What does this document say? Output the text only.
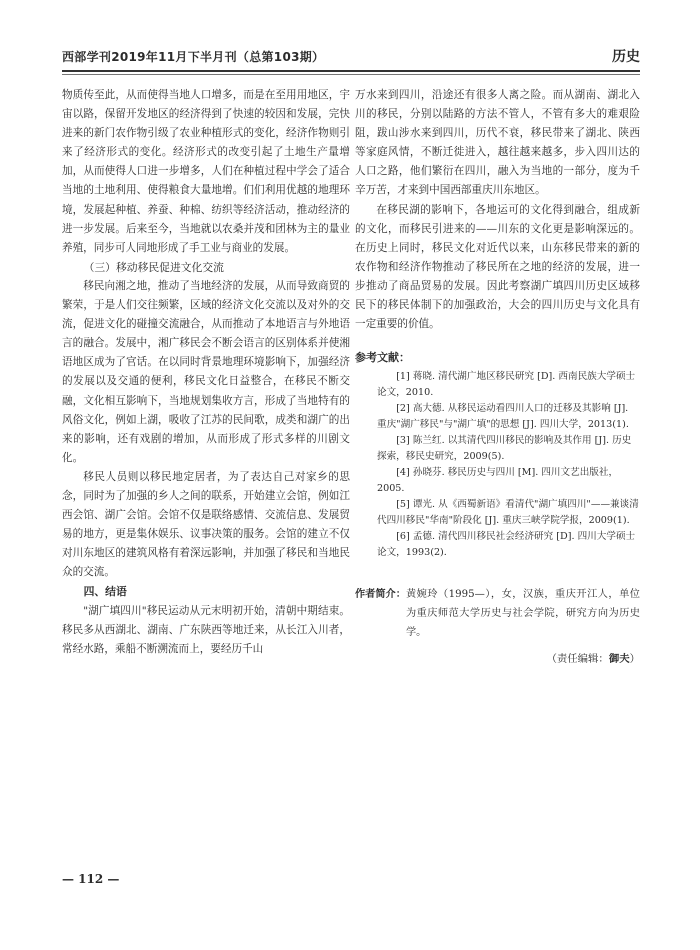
西部学刊2019年11月下半月刊（总第103期）	历史

物质传至此，从而使得当地人口增多，而是在至用用地区，宇宙以路，保留开发地区的经济得到了快速的较因和发展，完快进来的新门农作物引级了农业种植形式的变化，经济作物则引来了经济形式的变化。经济形式的改变引起了土地生产量增加，从而使得人口进一步增多，人们在种植过程中学会了适合当地的土地利用、使得粮食大量地增。们们利用优越的地理环境，发展起种植、养蚕、种棉、纺织等经济活动，推动经济的进一步发展。后来至今，当地就以农桑并茂和团林为主的量业养殖，同步可人同地形成了手工业与商业的发展。

（三）移动移民促进文化交流

移民向湘之地，推动了当地经济的发展，从而导致商贸的繁荣，于是人们交往频繁，区域的经济文化交流以及对外的交流，促进文化的碰撞交流融合，从而推动了本地语言与外地语言的融合。发展中，湘广移民会不断会语言的区别体系并使湘语地区成为了官话。在以同时背景地理环境影响下，加强经济的发展以及交通的便利，移民文化日益整合，在移民不断交融，文化相互影响下，当地规划集收方言，形成了当地特有的风俗文化，例如上湖，吸收了江苏的民间歌，成类和湖广的出来的影响，还有戏剧的增加，从而形成了形式多样的川剧文化。

移民人员则以移民地定居者，为了表达自己对家乡的思念，同时为了加强的乡人之间的联系，开始建立会馆，例如江西会馆、湖广会馆。会馆不仅是联络感情、交流信息、发展贸易的地方，更是集休娱乐、议事决策的服务。会馆的建立不仅对川东地区的建筑风格有着深远影响，并加强了移民和当地民众的交流。

四、结语

"湖广填四川"移民运动从元末明初开始，清朝中期结束。移民多从西湖北、湖南、广东陕西等地迁来，从长江入川者，常经水路，乘船不断溯流而上，要经历千山

万水来到四川，沿途还有很多人离之险。而从湖南、湖北入川的移民，分别以陆路的方法不管人，不管有多大的难艰险阻，跋山涉水来到四川，历代不衰，移民带来了湖北、陕西等家庭风情，不断迁徙进入，越往越来越多，步入四川达的人口之路，他们繁衍在四川，融入为当地的一部分，度为千辛万苦，才来到中国西部重庆川东地区。

在移民湖的影响下，各地运可的文化得到融合，组成新的文化，而移民引进来的——川东的文化更是影响深远的。在历史上同时，移民文化对近代以来，山东移民带来的新的农作物和经济作物推动了移民所在之地的经济的发展，进一步推动了商品贸易的发展。因此考察湖广填四川历史区域移民下的移民体制下的加强政治，大会的四川历史与文化具有一定重要的价值。

参考文献：

[1] 蒋晓. 清代湖广地区移民研究 [D]. 西南民族大学硕士论文，2010.

[2] 高大德. 从移民运动看四川人口的迁移及其影响 [J]. 重庆"湖广移民"与"湖广填"的思想 [J]. 四川大学，2013(1).

[3] 陈兰红. 以其清代四川移民的影响及其作用 [J]. 历史探索，移民史研究，2009(5).

[4] 孙晓芬. 移民历史与四川 [M]. 四川文艺出版社，2005.

[5] 谭光. 从《西蜀新语》看清代"湖广填四川"——兼谈清代四川移民"华南"阶段化 [J]. 重庆三峡学院学报，2009(1).

[6] 孟德. 清代四川移民社会经济研究 [D]. 四川大学硕士论文，1993(2).

作者简介： 黄婉玲（1995—），女，汉族，重庆开江人，单位为重庆师范大学历史与社会学院，研究方向为历史学。
（责任编辑：御夫）
— 112 —
